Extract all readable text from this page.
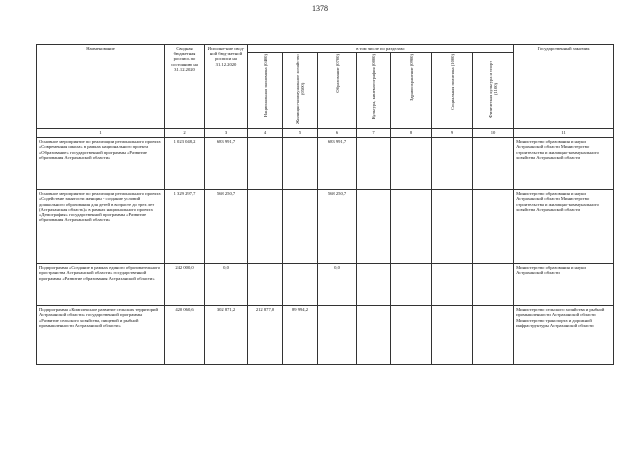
1378
Наименование	Сводная бюджетная роспись по состоянию на 31.12.2020	Исполне-ние свод-ной бюд-жетной росписи на 31.12.2020	в том числе по разделам:							Государственный заказчик
			Национальная экономика (0400)	Жилищно-коммунальное хозяйство (0500)	Образование (0700)	Культура, кинематография (0800)	Здравоохранение (0900)	Социальная политика (1000)	Физическая культура и спорт (1100)	
1	2	3	4	5	6	7	8	9	10	11
Основное мероприятие по реализации регионального проекта «Современная школа» в рамках национального проекта «Образование» государственной программы «Развитие образования Астраханской области»	1 023 048,2	683 991,7			683 991,7					Министерство образования и науки Астраханской области Министерство строительства и жилищно-коммунального хозяйства Астраханской области
Основное мероприятие по реализации регионального проекта «Содействие занятости женщин - создание условий дошкольного образования для детей в возрасте до трех лет (Астраханская область)» в рамках национального проекта «Демография» государственной программы «Развитие образования Астраханской области»	1 329 297,7	568 250,7			568 250,7					Министерство образования и науки Астраханской области Министерство строительства и жилищно-коммунального хозяйства Астраханской области
Подпрограмма «Создание в рамках единого образовательного пространства Астраханской области» государственной программы «Развитие образования Астраханской области»	242 000,0	0,0			0,0					Министерство образования и науки Астраханской области
Подпрограмма «Комплексное развитие сельских территорий Астраханской области» государственной программы «Развитие сельского хозяйства, пищевой и рыбной промышленности Астраханской области»	420 060,6	302 871,2	212 877,0	89 994,2						Министерство сельского хозяйства и рыбной промышленности Астраханской области Министерство транспорта и дорожной инфраструктуры Астраханской области
